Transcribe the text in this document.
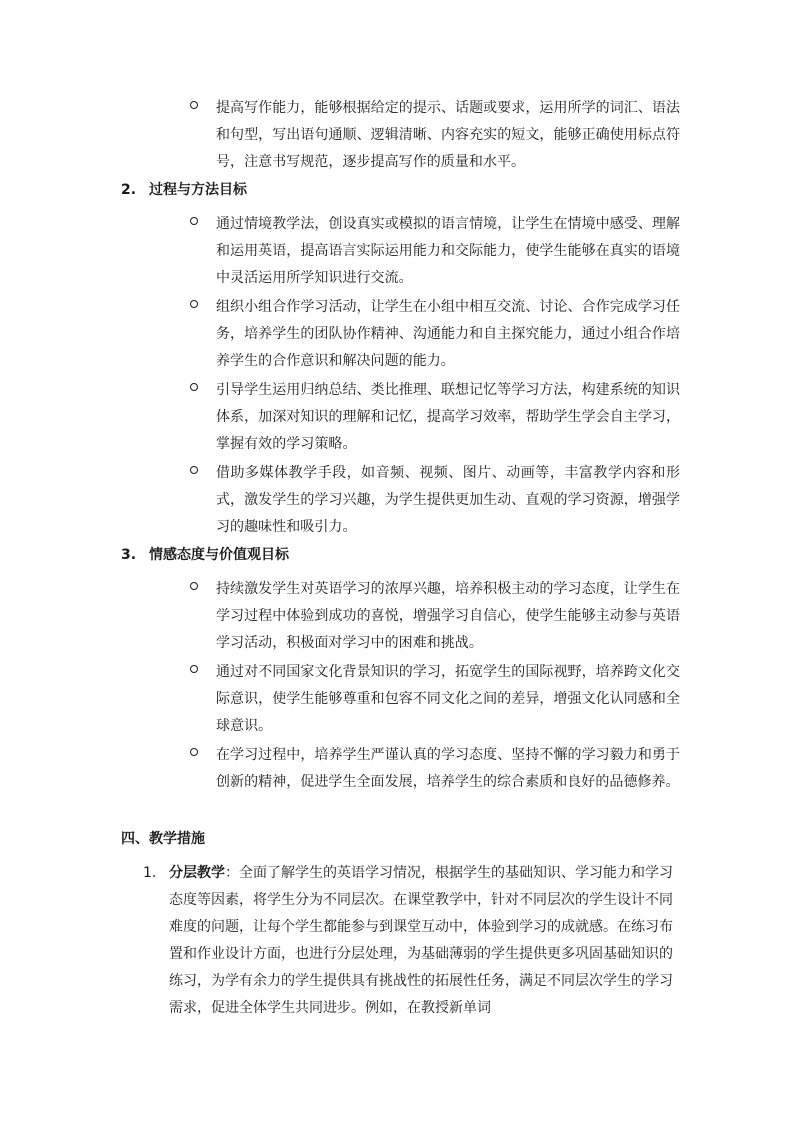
提高写作能力，能够根据给定的提示、话题或要求，运用所学的词汇、语法和句型，写出语句通顺、逻辑清晰、内容充实的短文，能够正确使用标点符号，注意书写规范，逐步提高写作的质量和水平。
2. 过程与方法目标
通过情境教学法，创设真实或模拟的语言情境，让学生在情境中感受、理解和运用英语，提高语言实际运用能力和交际能力，使学生能够在真实的语境中灵活运用所学知识进行交流。
组织小组合作学习活动，让学生在小组中相互交流、讨论、合作完成学习任务，培养学生的团队协作精神、沟通能力和自主探究能力，通过小组合作培养学生的合作意识和解决问题的能力。
引导学生运用归纳总结、类比推理、联想记忆等学习方法，构建系统的知识体系，加深对知识的理解和记忆，提高学习效率，帮助学生学会自主学习，掌握有效的学习策略。
借助多媒体教学手段，如音频、视频、图片、动画等，丰富教学内容和形式，激发学生的学习兴趣，为学生提供更加生动、直观的学习资源，增强学习的趣味性和吸引力。
3. 情感态度与价值观目标
持续激发学生对英语学习的浓厚兴趣，培养积极主动的学习态度，让学生在学习过程中体验到成功的喜悦，增强学习自信心，使学生能够主动参与英语学习活动，积极面对学习中的困难和挑战。
通过对不同国家文化背景知识的学习，拓宽学生的国际视野，培养跨文化交际意识，使学生能够尊重和包容不同文化之间的差异，增强文化认同感和全球意识。
在学习过程中，培养学生严谨认真的学习态度、坚持不懈的学习毅力和勇于创新的精神，促进学生全面发展，培养学生的综合素质和良好的品德修养。
四、教学措施
1. 分层教学：全面了解学生的英语学习情况，根据学生的基础知识、学习能力和学习态度等因素，将学生分为不同层次。在课堂教学中，针对不同层次的学生设计不同难度的问题，让每个学生都能参与到课堂互动中，体验到学习的成就感。在练习布置和作业设计方面，也进行分层处理，为基础薄弱的学生提供更多巩固基础知识的练习，为学有余力的学生提供具有挑战性的拓展性任务，满足不同层次学生的学习需求，促进全体学生共同进步。例如，在教授新单词
